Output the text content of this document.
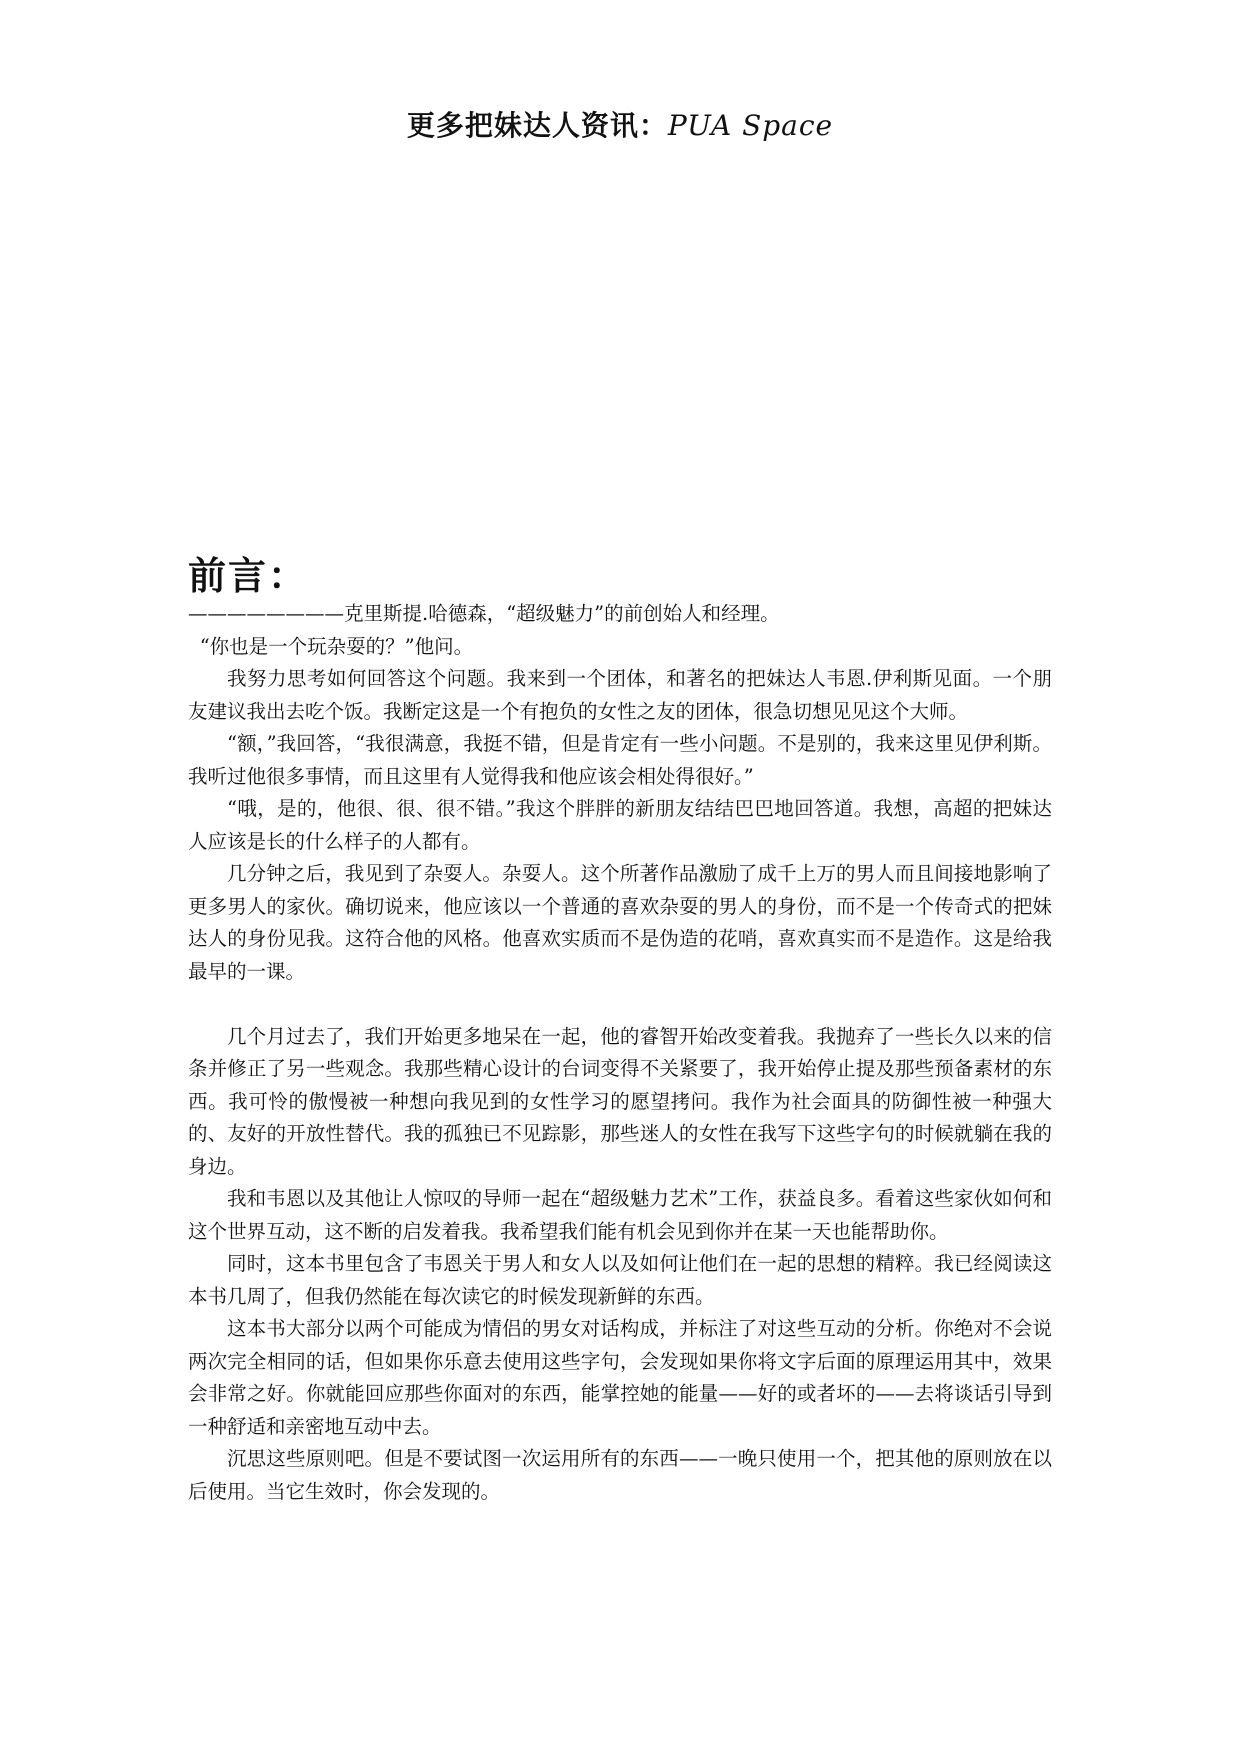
更多把妹达人资讯：PUA Space
前言：

————————克里斯提.哈德森，“超级魅力”的前创始人和经理。

“你也是一个玩杂耍的？”他问。

我努力思考如何回答这个问题。我来到一个团体，和著名的把妹达人韦恩.伊利斯见面。一个朋友建议我出去吃个饭。我断定这是一个有抱负的女性之友的团体，很急切想见见这个大师。

“额，”我回答，“我很满意，我挺不错，但是肯定有一些小问题。不是别的，我来这里见伊利斯。我听过他很多事情，而且这里有人觉得我和他应该会相处得很好。”

“哦，是的，他很、很、很不错。”我这个胖胖的新朋友结结巴巴地回答道。我想，高超的把妹达人应该是长的什么样子的人都有。

几分钟之后，我见到了杂耍人。杂耍人。这个所著作品激励了成千上万的男人而且间接地影响了更多男人的家伙。确切说来，他应该以一个普通的喜欢杂耍的男人的身份，而不是一个传奇式的把妹达人的身份见我。这符合他的风格。他喜欢实质而不是伪造的花哨，喜欢真实而不是造作。这是给我最早的一课。

几个月过去了，我们开始更多地呆在一起，他的睿智开始改变着我。我抛弃了一些长久以来的信条并修正了另一些观念。我那些精心设计的台词变得不关紧要了，我开始停止提及那些预备素材的东西。我可怜的傲慢被一种想向我见到的女性学习的愿望拷问。我作为社会面具的防御性被一种强大的、友好的开放性替代。我的孤独已不见踪影，那些迷人的女性在我写下这些字句的时候就躺在我的身边。

我和韦恩以及其他让人惊叹的导师一起在“超级魅力艺术”工作，获益良多。看着这些家伙如何和这个世界互动，这不断的启发着我。我希望我们能有机会见到你并在某一天也能帮助你。

同时，这本书里包含了韦恩关于男人和女人以及如何让他们在一起的思想的精粹。我已经阅读这本书几周了，但我仍然能在每次读它的时候发现新鲜的东西。

这本书大部分以两个可能成为情侣的男女对话构成，并标注了对这些互动的分析。你绝对不会说两次完全相同的话，但如果你乐意去使用这些字句，会发现如果你将文字后面的原理运用其中，效果会非常之好。你就能回应那些你面对的东西，能掌控她的能量——好的或者坏的——去将谈话引导到一种舒适和亲密地互动中去。

沉思这些原则吧。但是不要试图一次运用所有的东西——一晚只使用一个，把其他的原则放在以后使用。当它生效时，你会发现的。
